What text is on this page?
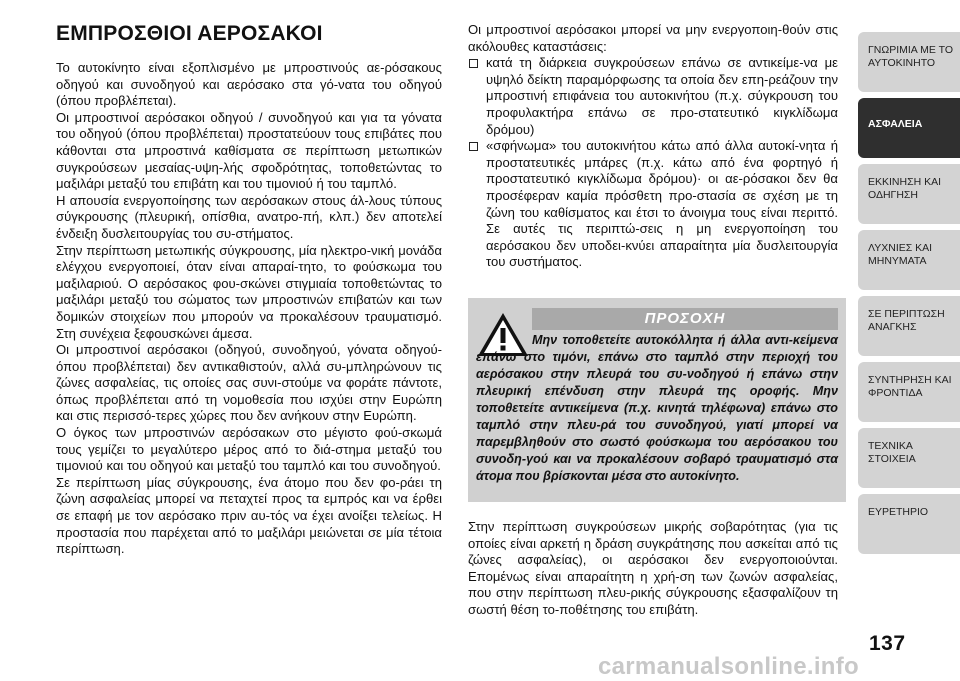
ΕΜΠΡΟΣΘΙΟΙ ΑΕΡΟΣΑΚΟΙ

Το αυτοκίνητο είναι εξοπλισμένο με μπροστινούς αε-ρόσακους οδηγού και συνοδηγού και αερόσακο στα γό-νατα του οδηγού (όπου προβλέπεται).
Οι μπροστινοί αερόσακοι οδηγού / συνοδηγού και για τα γόνατα του οδηγού (όπου προβλέπεται) προστατεύουν τους επιβάτες που κάθονται στα μπροστινά καθίσματα σε περίπτωση μετωπικών συγκρούσεων μεσαίας-υψη-λής σφοδρότητας, τοποθετώντας το μαξιλάρι μεταξύ του επιβάτη και του τιμονιού ή του ταμπλό.
Η απουσία ενεργοποίησης των αερόσακων στους άλ-λους τύπους σύγκρουσης (πλευρική, οπίσθια, ανατρο-πή, κλπ.) δεν αποτελεί ένδειξη δυσλειτουργίας του συ-στήματος.
Στην περίπτωση μετωπικής σύγκρουσης, μία ηλεκτρο-νική μονάδα ελέγχου ενεργοποιεί, όταν είναι απαραί-τητο, το φούσκωμα του μαξιλαριού. Ο αερόσακος φου-σκώνει στιγμιαία τοποθετώντας το μαξιλάρι μεταξύ του σώματος των μπροστινών επιβατών και των δομικών στοιχείων που μπορούν να προκαλέσουν τραυματισμό. Στη συνέχεια ξεφουσκώνει άμεσα.
Οι μπροστινοί αερόσακοι (οδηγού, συνοδηγού, γόνατα οδηγού-όπου προβλέπεται) δεν αντικαθιστούν, αλλά συ-μπληρώνουν τις ζώνες ασφαλείας, τις οποίες σας συνι-στούμε να φοράτε πάντοτε, όπως προβλέπεται από τη νομοθεσία που ισχύει στην Ευρώπη και στις περισσό-τερες χώρες που δεν ανήκουν στην Ευρώπη.
Ο όγκος των μπροστινών αερόσακων στο μέγιστο φού-σκωμά τους γεμίζει το μεγαλύτερο μέρος από το διά-στημα μεταξύ του τιμονιού και του οδηγού και μεταξύ του ταμπλό και του συνοδηγού.
Σε περίπτωση μίας σύγκρουσης, ένα άτομο που δεν φο-ράει τη ζώνη ασφαλείας μπορεί να πεταχτεί προς τα εμπρός και να έρθει σε επαφή με τον αερόσακο πριν αυ-τός να έχει ανοίξει τελείως. Η προστασία που παρέχεται από το μαξιλάρι μειώνεται σε μία τέτοια περίπτωση.

Οι μπροστινοί αερόσακοι μπορεί να μην ενεργοποιη-θούν στις ακόλουθες καταστάσεις:

κατά τη διάρκεια συγκρούσεων επάνω σε αντικείμε-να με υψηλό δείκτη παραμόρφωσης τα οποία δεν επη-ρεάζουν την μπροστινή επιφάνεια του αυτοκινήτου (π.χ. σύγκρουση του προφυλακτήρα επάνω σε προ-στατευτικό κιγκλίδωμα δρόμου)
«σφήνωμα» του αυτοκινήτου κάτω από άλλα αυτοκί-νητα ή προστατευτικές μπάρες (π.χ. κάτω από ένα φορτηγό ή προστατευτικό κιγκλίδωμα δρόμου)· οι αε-ρόσακοι δεν θα προσέφεραν καμία πρόσθετη προ-στασία σε σχέση με τη ζώνη του καθίσματος και έτσι το άνοιγμα τους είναι περιττό. Σε αυτές τις περιπτώ-σεις η μη ενεργοποίηση του αερόσακου δεν υποδει-κνύει απαραίτητα μία δυσλειτουργία του συστήματος.
ΠΡΟΣΟΧΗ
Μην τοποθετείτε αυτοκόλλητα ή άλλα αντι-κείμενα επάνω στο τιμόνι, επάνω στο ταμπλό στην περιοχή του αερόσακου στην πλευρά του συ-νοδηγού ή επάνω στην πλευρική επένδυση στην πλευρά της οροφής. Μην τοποθετείτε αντικείμενα (π.χ. κινητά τηλέφωνα) επάνω στο ταμπλό στην πλευ-ρά του συνοδηγού, γιατί μπορεί να παρεμβληθούν στο σωστό φούσκωμα του αερόσακου του συνοδη-γού και να προκαλέσουν σοβαρό τραυματισμό στα άτομα που βρίσκονται μέσα στο αυτοκίνητο.

Στην περίπτωση συγκρούσεων μικρής σοβαρότητας (για τις οποίες είναι αρκετή η δράση συγκράτησης που ασκείται από τις ζώνες ασφαλείας), οι αερόσακοι δεν ενεργοποιούνται. Επομένως είναι απαραίτητη η χρή-ση των ζωνών ασφαλείας, που στην περίπτωση πλευ-ρικής σύγκρουσης εξασφαλίζουν τη σωστή θέση το-ποθέτησης του επιβάτη.

ΓΝΩΡΙΜΙΑ ΜΕ ΤΟ ΑΥΤΟΚΙΝΗΤΟ
ΑΣΦΑΛΕΙΑ
ΕΚΚΙΝΗΣΗ ΚΑΙ ΟΔΗΓΗΣΗ
ΛΥΧΝΙΕΣ ΚΑΙ ΜΗΝΥΜΑΤΑ
ΣΕ ΠΕΡΙΠΤΩΣΗ ΑΝΑΓΚΗΣ
ΣΥΝΤΗΡΗΣΗ ΚΑΙ ΦΡΟΝΤΙΔΑ
ΤΕΧΝΙΚΑ ΣΤΟΙΧΕΙΑ
ΕΥΡΕΤΗΡΙΟ
137
carmanualsonline.info
